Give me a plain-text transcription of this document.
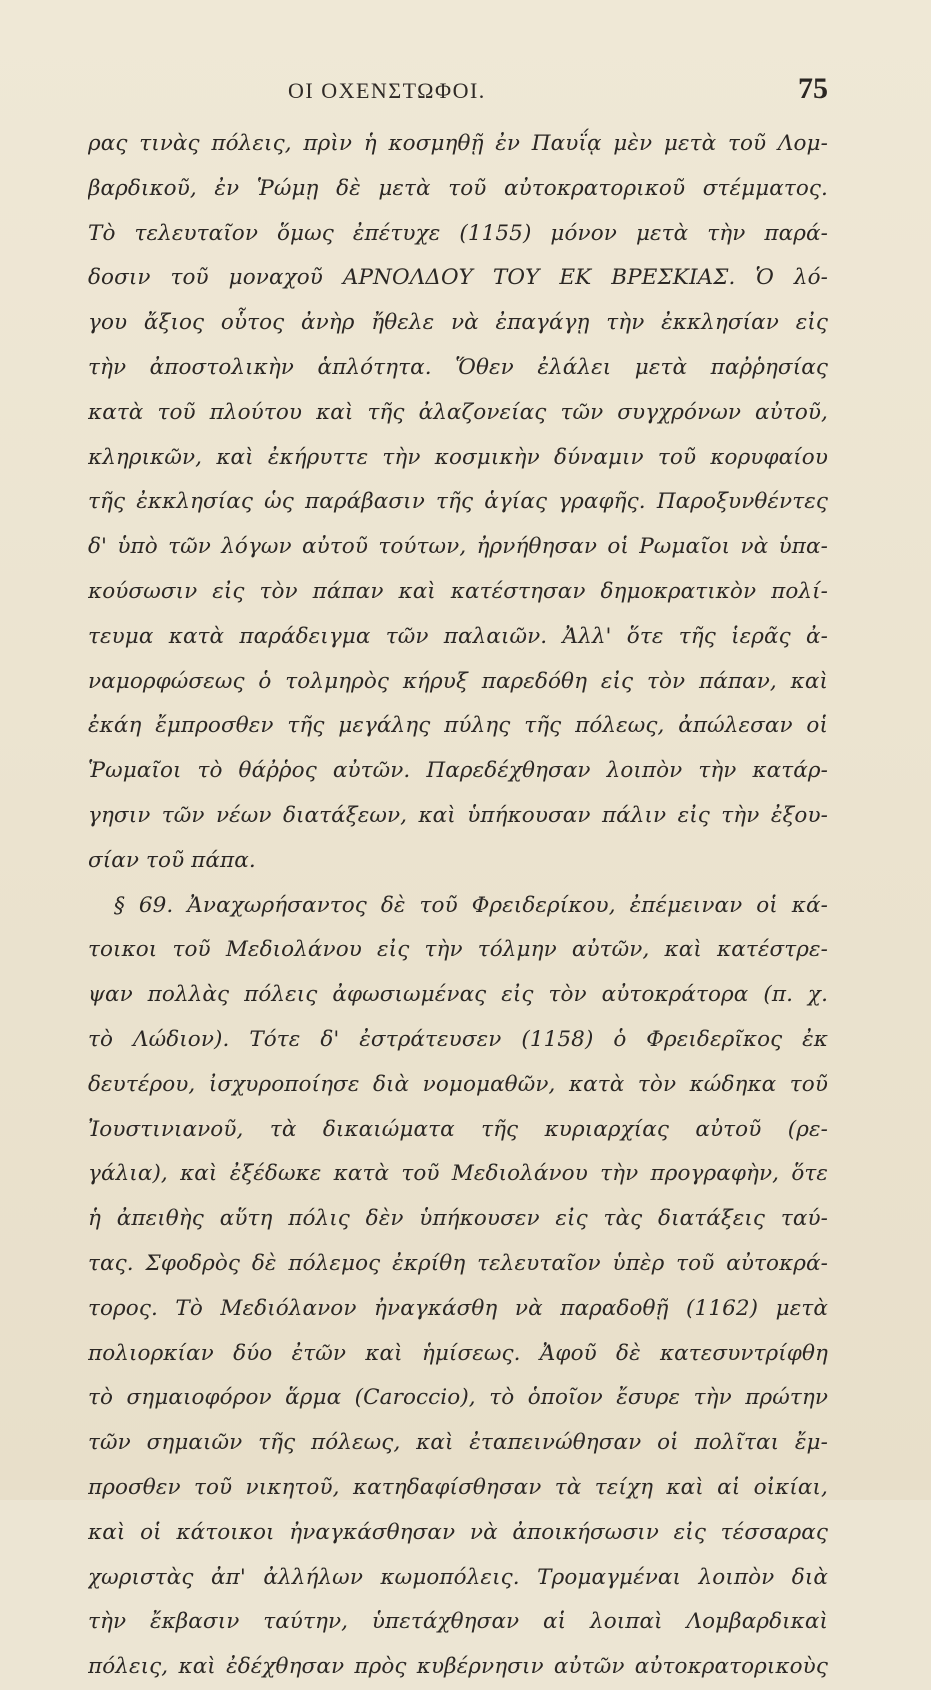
ΟΙ ΟΧΕΝΣΤΩΦΟΙ.	75
ρας τινὰς πόλεις, πρὶν ἡ κοσμηθῇ ἐν Παυΐᾳ μὲν μετὰ τοῦ Λομ-
βαρδικοῦ, ἐν Ῥώμῃ δὲ μετὰ τοῦ αὐτοκρατορικοῦ στέμματος.
Τὸ τελευταῖον ὅμως ἐπέτυχε (1155) μόνον μετὰ τὴν παρά-
δοσιν τοῦ μοναχοῦ ΑΡΝΟΛΔΟΥ ΤΟΥ ΕΚ ΒΡΕΣΚΙΑΣ. Ὁ λό-
γου ἄξιος οὗτος ἀνὴρ ἤθελε νὰ ἐπαγάγῃ τὴν ἐκκλησίαν εἰς
τὴν ἀποστολικὴν ἁπλότητα. Ὅθεν ἐλάλει μετὰ παῤῥησίας
κατὰ τοῦ πλούτου καὶ τῆς ἀλαζονείας τῶν συγχρόνων αὐτοῦ,
κληρικῶν, καὶ ἐκήρυττε τὴν κοσμικὴν δύναμιν τοῦ κορυφαίου
τῆς ἐκκλησίας ὡς παράβασιν τῆς ἁγίας γραφῆς. Παροξυνθέντες
δ' ὑπὸ τῶν λόγων αὐτοῦ τούτων, ἠρνήθησαν οἱ Ρωμαῖοι νὰ ὑπα-
κούσωσιν εἰς τὸν πάπαν καὶ κατέστησαν δημοκρατικὸν πολί-
τευμα κατὰ παράδειγμα τῶν παλαιῶν. Ἀλλ' ὅτε τῆς ἱερᾶς ἀ-
ναμορφώσεως ὁ τολμηρὸς κήρυξ παρεδόθη εἰς τὸν πάπαν, καὶ
ἐκάη ἔμπροσθεν τῆς μεγάλης πύλης τῆς πόλεως, ἀπώλεσαν οἱ
Ῥωμαῖοι τὸ θάῤῥος αὐτῶν. Παρεδέχθησαν λοιπὸν τὴν κατάρ-
γησιν τῶν νέων διατάξεων, καὶ ὑπήκουσαν πάλιν εἰς τὴν ἐξου-
σίαν τοῦ πάπα.
§ 69. Ἀναχωρήσαντος δὲ τοῦ Φρειδερίκου, ἐπέμειναν οἱ κά-
τοικοι τοῦ Μεδιολάνου εἰς τὴν τόλμην αὐτῶν, καὶ κατέστρε-
ψαν πολλὰς πόλεις ἀφωσιωμένας εἰς τὸν αὐτοκράτορα (π. χ.
τὸ Λώδιον). Τότε δ' ἐστράτευσεν (1158) ὁ Φρειδερῖκος ἐκ
δευτέρου, ἰσχυροποίησε διὰ νομομαθῶν, κατὰ τὸν κώδηκα τοῦ
Ἰουστινιανοῦ, τὰ δικαιώματα τῆς κυριαρχίας αὐτοῦ (ρε-
γάλια), καὶ ἐξέδωκε κατὰ τοῦ Μεδιολάνου τὴν προγραφὴν, ὅτε
ἡ ἀπειθὴς αὕτη πόλις δὲν ὑπήκουσεν εἰς τὰς διατάξεις ταύ-
τας. Σφοδρὸς δὲ πόλεμος ἐκρίθη τελευταῖον ὑπὲρ τοῦ αὐτοκρά-
τορος. Τὸ Μεδιόλανον ἠναγκάσθη νὰ παραδοθῇ (1162) μετὰ
πολιορκίαν δύο ἐτῶν καὶ ἡμίσεως. Ἀφοῦ δὲ κατεσυντρίφθη
τὸ σημαιοφόρον ἅρμα (Caroccio), τὸ ὁποῖον ἔσυρε τὴν πρώτην
τῶν σημαιῶν τῆς πόλεως, καὶ ἐταπεινώθησαν οἱ πολῖται ἔμ-
προσθεν τοῦ νικητοῦ, κατηδαφίσθησαν τὰ τείχη καὶ αἱ οἰκίαι,
καὶ οἱ κάτοικοι ἠναγκάσθησαν νὰ ἀποικήσωσιν εἰς τέσσαρας
χωριστὰς ἀπ' ἀλλήλων κωμοπόλεις. Τρομαγμέναι λοιπὸν διὰ
τὴν ἔκβασιν ταύτην, ὑπετάχθησαν αἱ λοιπαὶ Λομβαρδικαὶ
πόλεις, καὶ ἐδέχθησαν πρὸς κυβέρνησιν αὐτῶν αὐτοκρατορικοὺς
